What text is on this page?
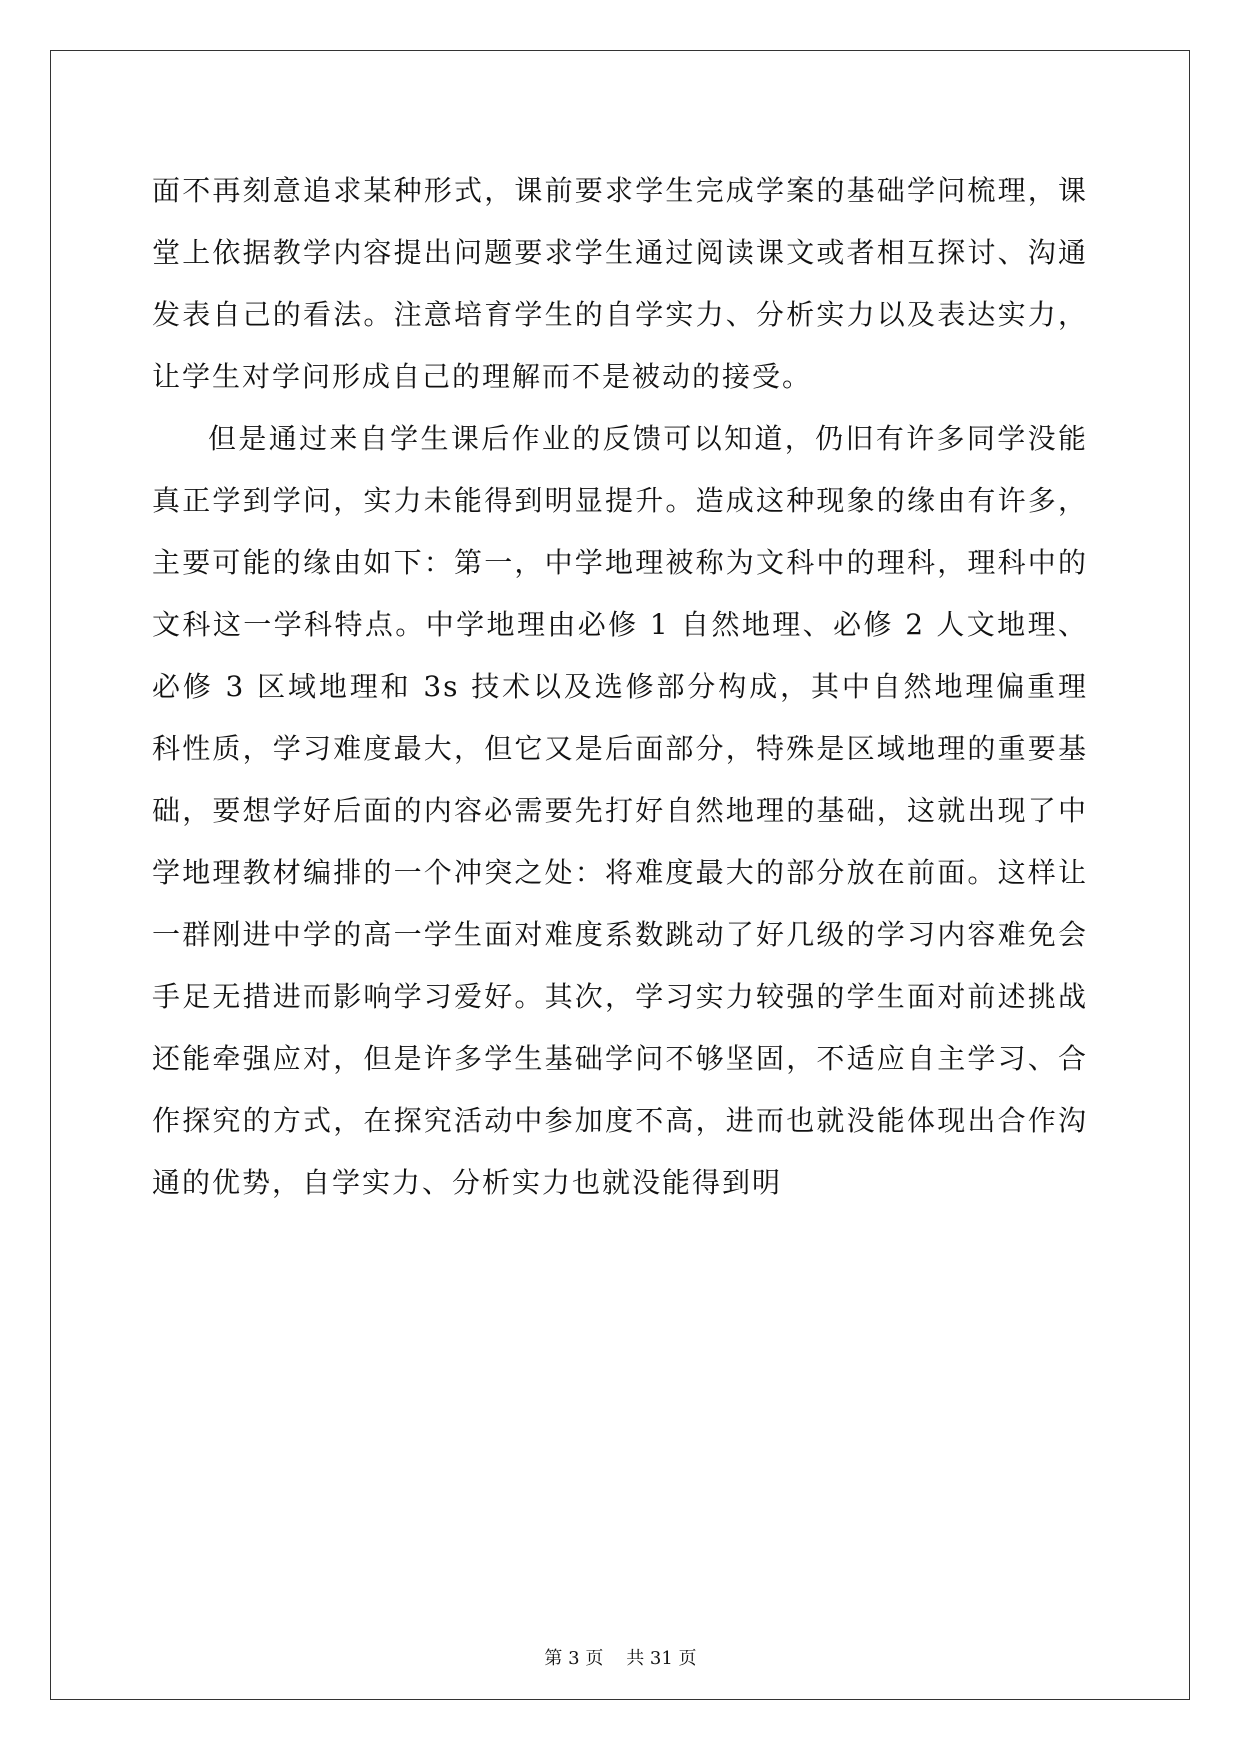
面不再刻意追求某种形式，课前要求学生完成学案的基础学问梳理，课堂上依据教学内容提出问题要求学生通过阅读课文或者相互探讨、沟通发表自己的看法。注意培育学生的自学实力、分析实力以及表达实力，让学生对学问形成自己的理解而不是被动的接受。

但是通过来自学生课后作业的反馈可以知道，仍旧有许多同学没能真正学到学问，实力未能得到明显提升。造成这种现象的缘由有许多，主要可能的缘由如下：第一，中学地理被称为文科中的理科，理科中的文科这一学科特点。中学地理由必修 1 自然地理、必修 2 人文地理、必修 3 区域地理和 3s 技术以及选修部分构成，其中自然地理偏重理科性质，学习难度最大，但它又是后面部分，特殊是区域地理的重要基础，要想学好后面的内容必需要先打好自然地理的基础，这就出现了中学地理教材编排的一个冲突之处：将难度最大的部分放在前面。这样让一群刚进中学的高一学生面对难度系数跳动了好几级的学习内容难免会手足无措进而影响学习爱好。其次，学习实力较强的学生面对前述挑战还能牵强应对，但是许多学生基础学问不够坚固，不适应自主学习、合作探究的方式，在探究活动中参加度不高，进而也就没能体现出合作沟通的优势，自学实力、分析实力也就没能得到明

第 3 页    共 31 页
